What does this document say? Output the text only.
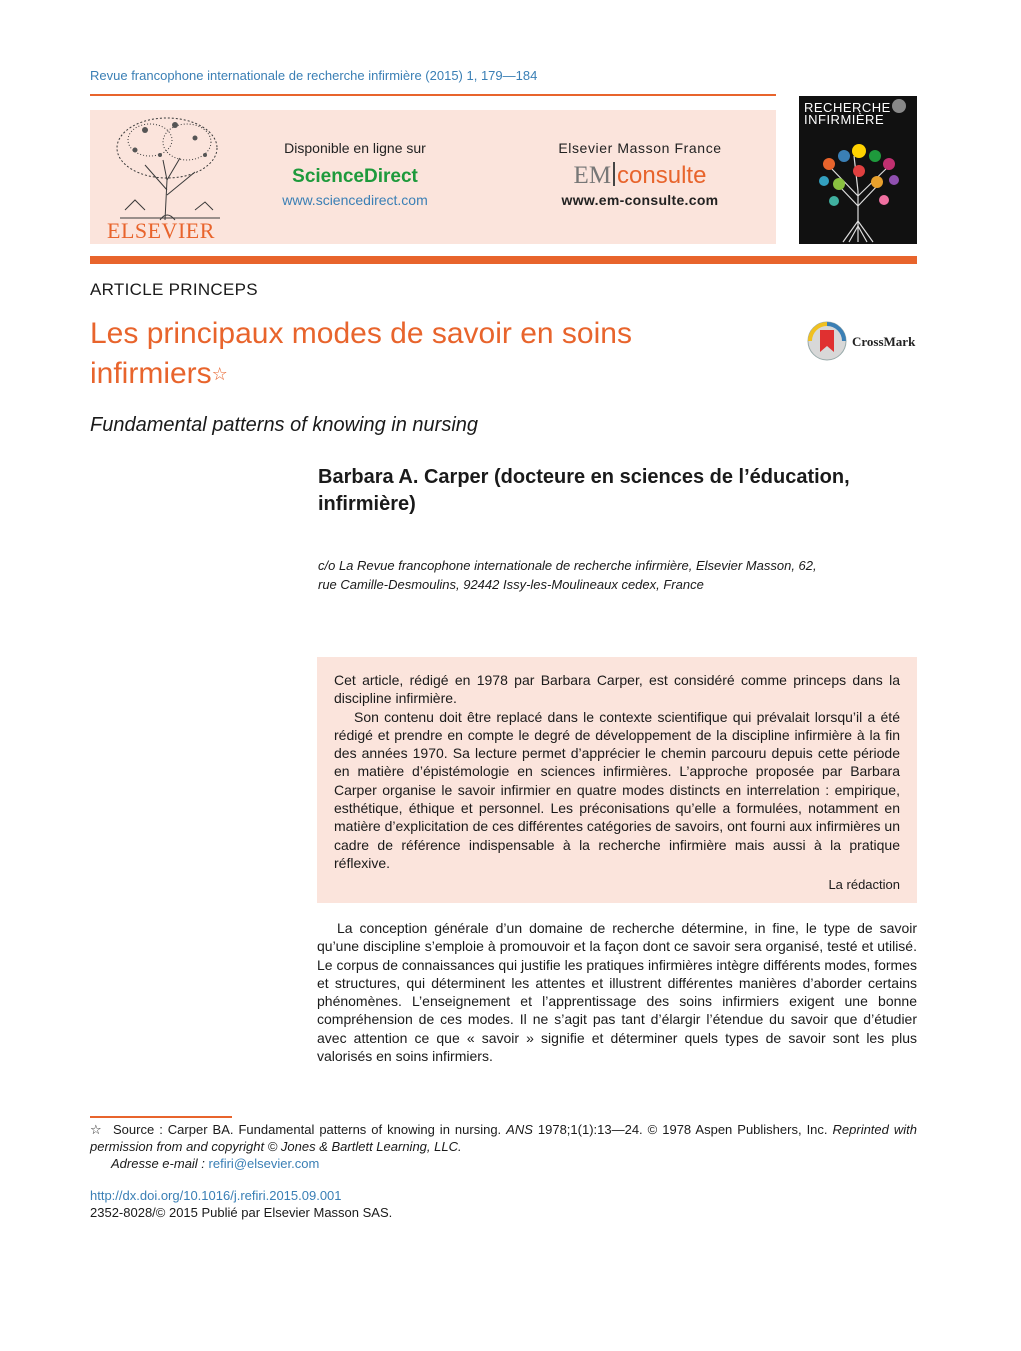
Revue francophone internationale de recherche infirmière (2015) 1, 179—184
ELSEVIER
Disponible en ligne sur
ScienceDirect
www.sciencedirect.com
Elsevier Masson France
EM consulte
www.em-consulte.com
RECHERCHE
INFIRMIÈRE
ARTICLE PRINCEPS
Les principaux modes de savoir en soins infirmiers☆
CrossMark
Fundamental patterns of knowing in nursing
Barbara A. Carper (docteure en sciences de l’éducation, infirmière)
c/o La Revue francophone internationale de recherche infirmière, Elsevier Masson, 62,
rue Camille-Desmoulins, 92442 Issy-les-Moulineaux cedex, France
Cet article, rédigé en 1978 par Barbara Carper, est considéré comme princeps dans la discipline infirmière.
Son contenu doit être replacé dans le contexte scientifique qui prévalait lorsqu’il a été rédigé et prendre en compte le degré de développement de la discipline infirmière à la fin des années 1970. Sa lecture permet d’apprécier le chemin parcouru depuis cette période en matière d’épistémologie en sciences infirmières. L’approche proposée par Barbara Carper organise le savoir infirmier en quatre modes distincts en interrelation : empirique, esthétique, éthique et personnel. Les préconisations qu’elle a formulées, notamment en matière d’explicitation de ces différentes catégories de savoirs, ont fourni aux infirmières un cadre de référence indispensable à la recherche infirmière mais aussi à la pratique réflexive.
La rédaction
La conception générale d’un domaine de recherche détermine, in fine, le type de savoir qu’une discipline s’emploie à promouvoir et la façon dont ce savoir sera organisé, testé et utilisé. Le corpus de connaissances qui justifie les pratiques infirmières intègre différents modes, formes et structures, qui déterminent les attentes et illustrent différentes manières d’aborder certains phénomènes. L’enseignement et l’apprentissage des soins infirmiers exigent une bonne compréhension de ces modes. Il ne s’agit pas tant d’élargir l’étendue du savoir que d’étudier avec attention ce que « savoir » signifie et déterminer quels types de savoir sont les plus valorisés en soins infirmiers.
☆ Source : Carper BA. Fundamental patterns of knowing in nursing. ANS 1978;1(1):13—24. © 1978 Aspen Publishers, Inc. Reprinted with permission from and copyright © Jones & Bartlett Learning, LLC.
Adresse e-mail : refiri@elsevier.com
http://dx.doi.org/10.1016/j.refiri.2015.09.001
2352-8028/© 2015 Publié par Elsevier Masson SAS.
